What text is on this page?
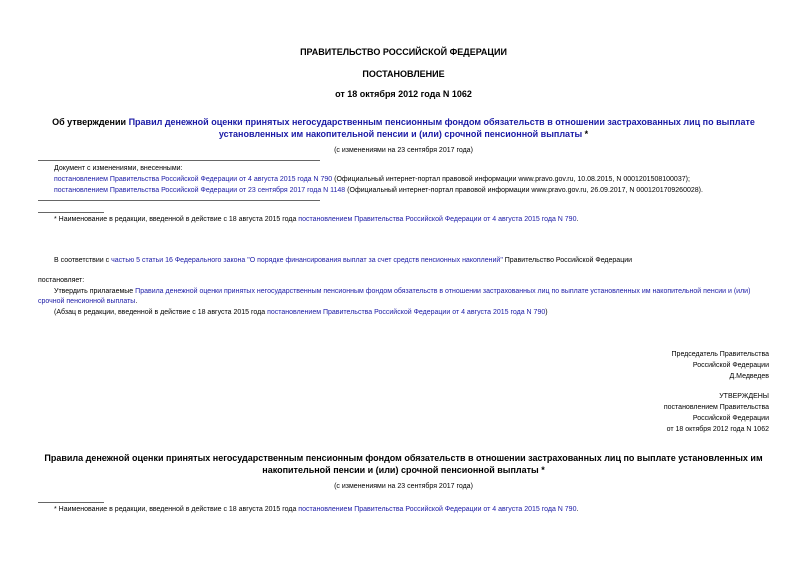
ПРАВИТЕЛЬСТВО РОССИЙСКОЙ ФЕДЕРАЦИИ
ПОСТАНОВЛЕНИЕ
от 18 октября 2012 года N 1062
Об утверждении Правил денежной оценки принятых негосударственным пенсионным фондом обязательств в отношении застрахованных лиц по выплате
установленных им накопительной пенсии и (или) срочной пенсионной выплаты *
(с изменениями на 23 сентября 2017 года)
Документ с изменениями, внесенными:
постановлением Правительства Российской Федерации от 4 августа 2015 года N 790 (Официальный интернет-портал правовой информации www.pravo.gov.ru, 10.08.2015, N 0001201508100037);
постановлением Правительства Российской Федерации от 23 сентября 2017 года N 1148 (Официальный интернет-портал правовой информации www.pravo.gov.ru, 26.09.2017, N 0001201709260028).
* Наименование в редакции, введенной в действие с 18 августа 2015 года постановлением Правительства Российской Федерации от 4 августа 2015 года N 790.
В соответствии с частью 5 статьи 16 Федерального закона "О порядке финансирования выплат за счет средств пенсионных накоплений" Правительство Российской Федерации
постановляет:
Утвердить прилагаемые Правила денежной оценки принятых негосударственным пенсионным фондом обязательств в отношении застрахованных лиц по выплате установленных им накопительной пенсии и (или)
срочной пенсионной выплаты.
(Абзац в редакции, введенной в действие с 18 августа 2015 года постановлением Правительства Российской Федерации от 4 августа 2015 года N 790)
Председатель Правительства
Российской Федерации
Д.Медведев
УТВЕРЖДЕНЫ
постановлением Правительства
Российской Федерации
от 18 октября 2012 года N 1062
Правила денежной оценки принятых негосударственным пенсионным фондом обязательств в отношении застрахованных лиц по выплате установленных им
накопительной пенсии и (или) срочной пенсионной выплаты *
(с изменениями на 23 сентября 2017 года)
* Наименование в редакции, введенной в действие с 18 августа 2015 года постановлением Правительства Российской Федерации от 4 августа 2015 года N 790.
